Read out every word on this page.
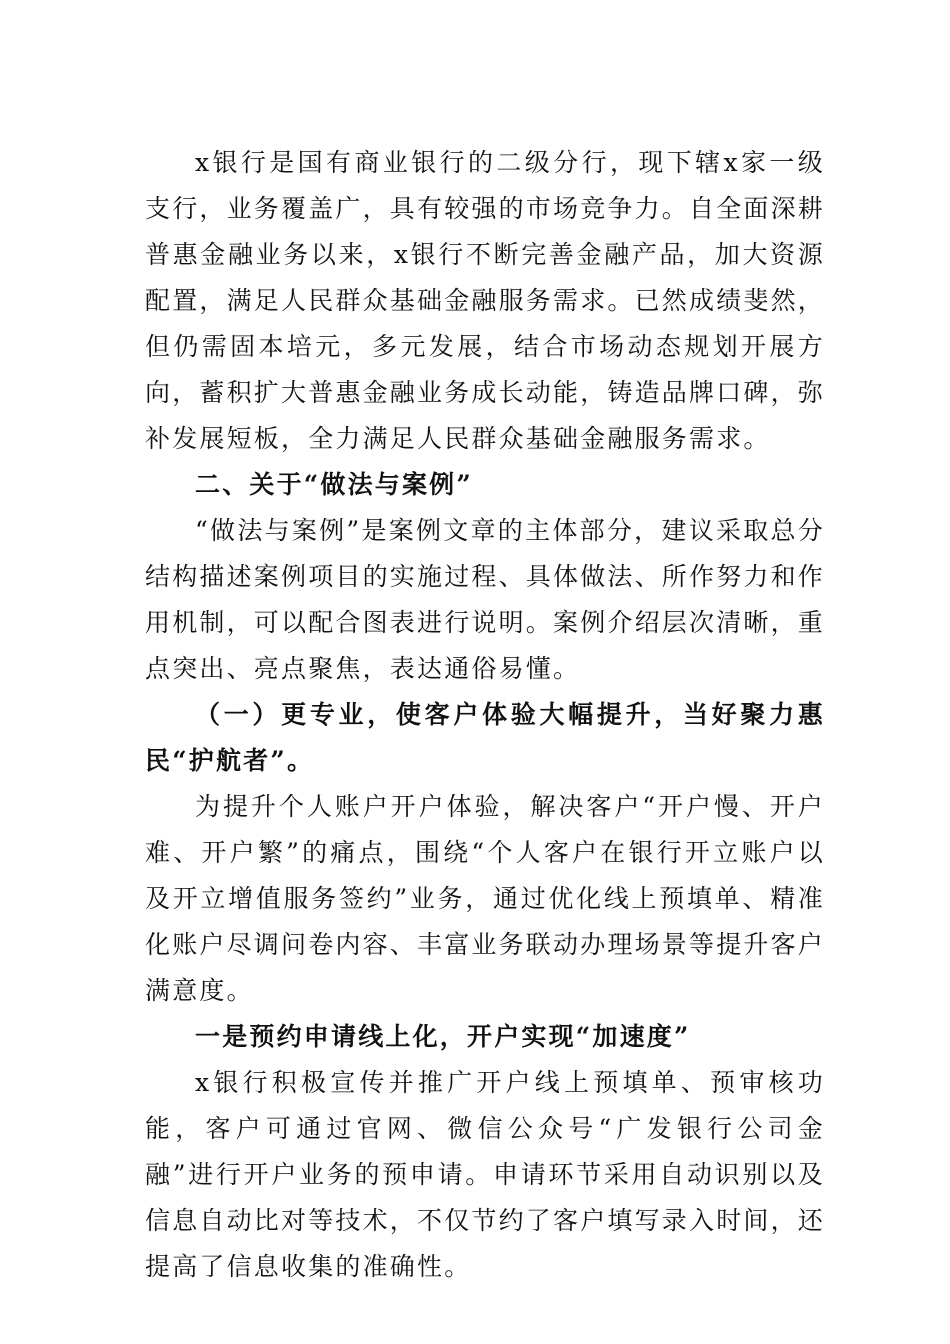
x银行是国有商业银行的二级分行，现下辖x家一级支行，业务覆盖广，具有较强的市场竞争力。自全面深耕普惠金融业务以来，x银行不断完善金融产品，加大资源配置，满足人民群众基础金融服务需求。已然成绩斐然，但仍需固本培元，多元发展，结合市场动态规划开展方向，蓄积扩大普惠金融业务成长动能，铸造品牌口碑，弥补发展短板，全力满足人民群众基础金融服务需求。

二、关于“做法与案例”

“做法与案例”是案例文章的主体部分，建议采取总分结构描述案例项目的实施过程、具体做法、所作努力和作用机制，可以配合图表进行说明。案例介绍层次清晰，重点突出、亮点聚焦，表达通俗易懂。

（一）更专业，使客户体验大幅提升，当好聚力惠民“护航者”。

为提升个人账户开户体验，解决客户“开户慢、开户难、开户繁”的痛点，围绕“个人客户在银行开立账户以及开立增值服务签约”业务，通过优化线上预填单、精准化账户尽调问卷内容、丰富业务联动办理场景等提升客户满意度。

一是预约申请线上化，开户实现“加速度”

x银行积极宣传并推广开户线上预填单、预审核功能，客户可通过官网、微信公众号“广发银行公司金融”进行开户业务的预申请。申请环节采用自动识别以及信息自动比对等技术，不仅节约了客户填写录入时间，还提高了信息收集的准确性。
